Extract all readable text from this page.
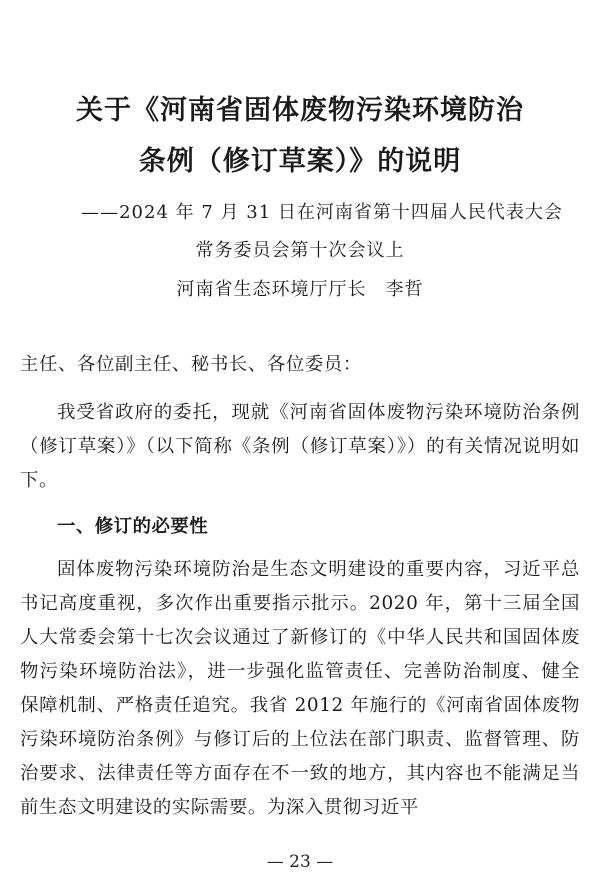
关于《河南省固体废物污染环境防治
条例（修订草案）》的说明
——2024 年 7 月 31 日在河南省第十四届人民代表大会
常务委员会第十次会议上
河南省生态环境厅厅长　李哲
主任、各位副主任、秘书长、各位委员：
我受省政府的委托，现就《河南省固体废物污染环境防治条例（修订草案）》（以下简称《条例（修订草案）》）的有关情况说明如下。
一、修订的必要性
固体废物污染环境防治是生态文明建设的重要内容，习近平总书记高度重视，多次作出重要指示批示。2020 年，第十三届全国人大常委会第十七次会议通过了新修订的《中华人民共和国固体废物污染环境防治法》，进一步强化监管责任、完善防治制度、健全保障机制、严格责任追究。我省 2012 年施行的《河南省固体废物污染环境防治条例》与修订后的上位法在部门职责、监督管理、防治要求、法律责任等方面存在不一致的地方，其内容也不能满足当前生态文明建设的实际需要。为深入贯彻习近平
— 23 —
